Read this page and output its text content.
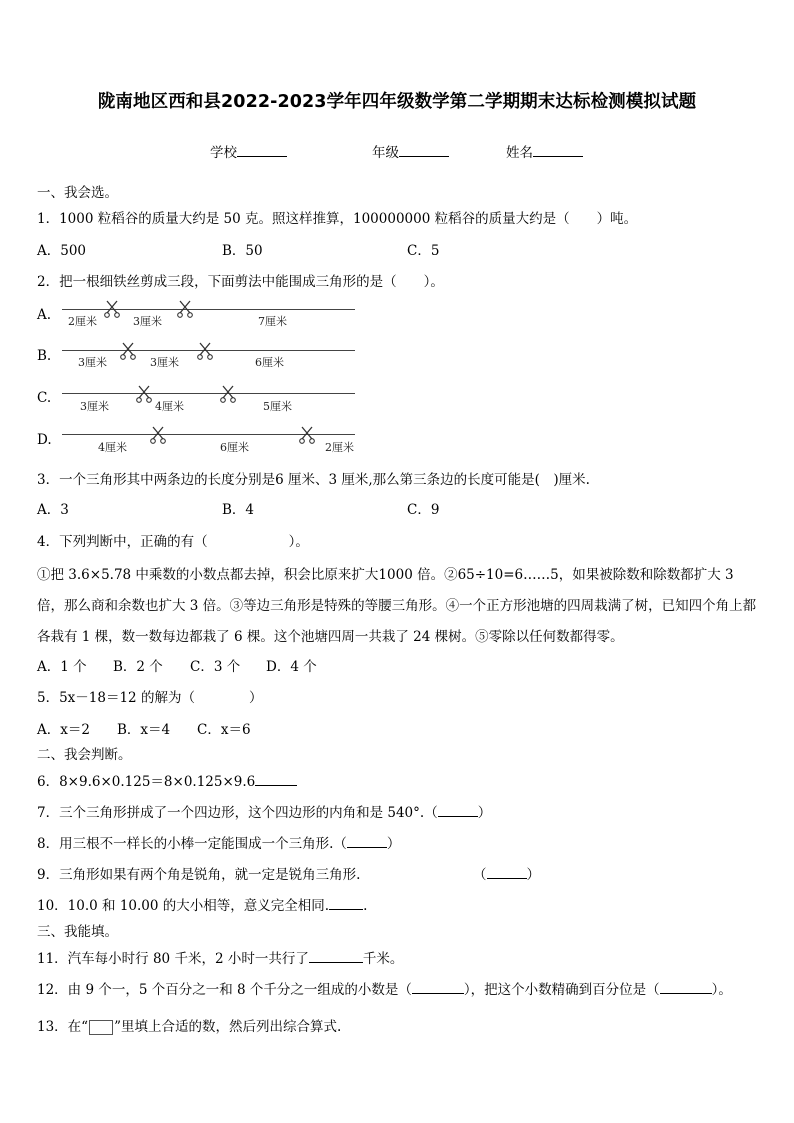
陇南地区西和县2022-2023学年四年级数学第二学期期末达标检测模拟试题
学校	年级	姓名
一、我会选。
1．1000 粒稻谷的质量大约是 50 克。照这样推算，100000000 粒稻谷的质量大约是（　　）吨。
A．500	B．50	C．5
2．把一根细铁丝剪成三段，下面剪法中能围成三角形的是（　　）。
A. 2厘米	3厘米	7厘米
B. 3厘米	3厘米	6厘米
C.
3厘米	4厘米	5厘米
D.	4厘米	6厘米	2厘米
3．一个三角形其中两条边的长度分别是6 厘米、3 厘米,那么第三条边的长度可能是(　)厘米.
A．3	B．4	C．9
4．下列判断中，正确的有（　　　　　　）。
①把 3.6×5.78 中乘数的小数点都去掉，积会比原来扩大1000 倍。②65÷10=6……5，如果被除数和除数都扩大 3 倍，那么商和余数也扩大 3 倍。③等边三角形是特殊的等腰三角形。④一个正方形池塘的四周栽满了树，已知四个角上都各栽有 1 棵，数一数每边都栽了 6 棵。这个池塘四周一共栽了 24 棵树。⑤零除以任何数都得零。
A．1 个 B．2 个 C．3 个 D．4 个
5．5x－18＝12 的解为（　　　　）
A．x＝2 B．x＝4 C．x＝6
二、我会判断。
6．8×9.6×0.125＝8×0.125×9.6
7．三个三角形拼成了一个四边形，这个四边形的内角和是 540°.（	）
8．用三根不一样长的小棒一定能围成一个三角形.（	）
9．三角形如果有两个角是锐角，就一定是锐角三角形.	（	）
10．10.0 和 10.00 的大小相等，意义完全相同.	.
三、我能填。
11．汽车每小时行 80 千米，2 小时一共行了	千米。
12．由 9 个一，5 个百分之一和 8 个千分之一组成的小数是（	），把这个小数精确到百分位是（	）。
13．在“ ”里填上合适的数，然后列出综合算式.
